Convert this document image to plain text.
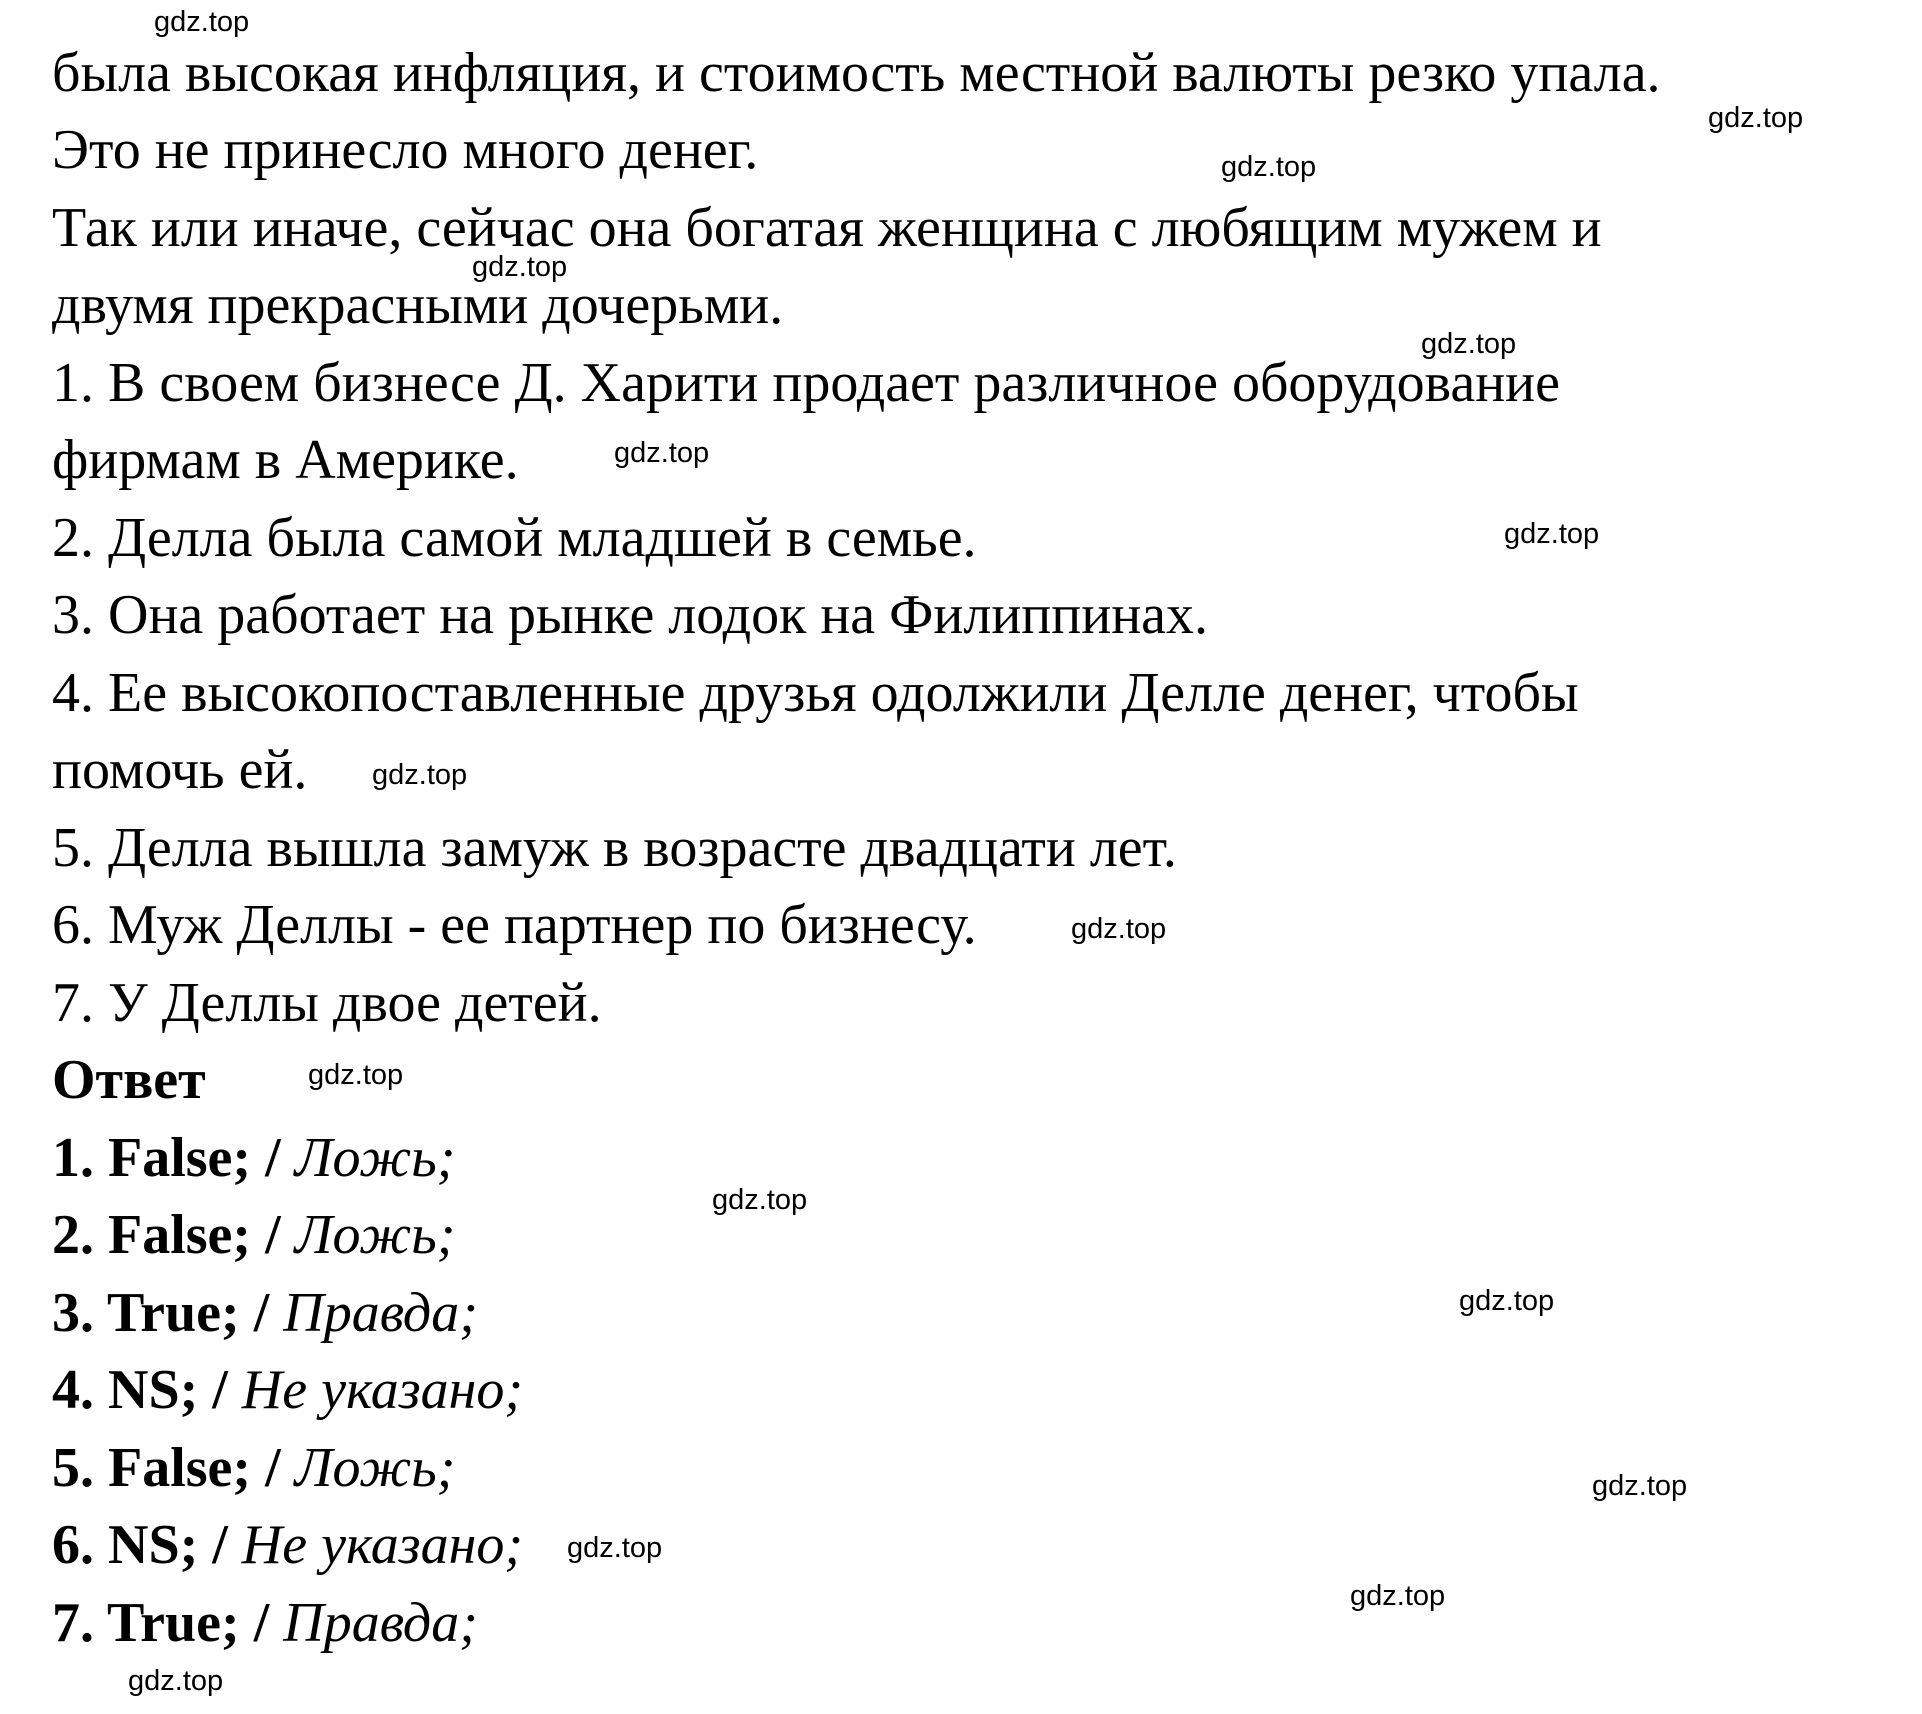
была высокая инфляция, и стоимость местной валюты резко упала.
Это не принесло много денег.
Так или иначе, сейчас она богатая женщина с любящим мужем и
двумя прекрасными дочерьми.
1. В своем бизнесе Д. Харити продает различное оборудование
фирмам в Америке.
2. Делла была самой младшей в семье.
3. Она работает на рынке лодок на Филиппинах.
4. Ее высокопоставленные друзья одолжили Делле денег, чтобы
помочь ей.
5. Делла вышла замуж в возрасте двадцати лет.
6. Муж Деллы - ее партнер по бизнесу.
7. У Деллы двое детей.
Ответ
1. False; / Ложь;
2. False; / Ложь;
3. True; / Правда;
4. NS; / Не указано;
5. False; / Ложь;
6. NS; / Не указано;
7. True; / Правда;
gdz.top
gdz.top
gdz.top
gdz.top
gdz.top
gdz.top
gdz.top
gdz.top
gdz.top
gdz.top
gdz.top
gdz.top
gdz.top
gdz.top
gdz.top
gdz.top
